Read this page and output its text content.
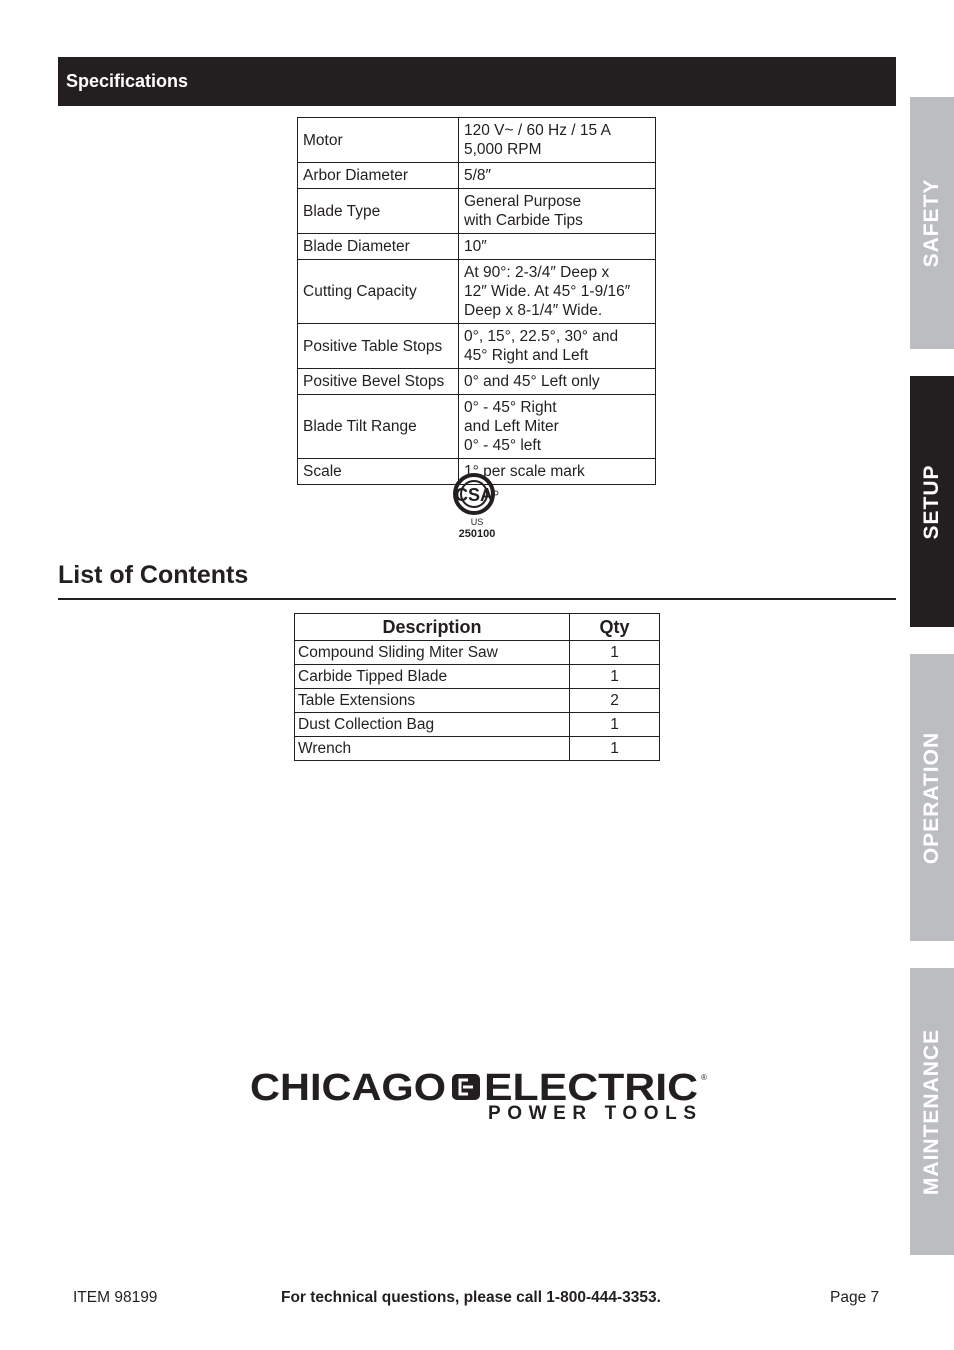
Specifications
Motor	120 V~ / 60 Hz / 15 A
5,000 RPM

Arbor Diameter	5/8″

Blade Type	General Purpose
with Carbide Tips

Blade Diameter	10″

Cutting Capacity	At 90°: 2-3/4″ Deep x
12″ Wide. At 45° 1-9/16″
Deep x 8-1/4″ Wide.

Positive Table Stops	0°, 15°, 22.5°, 30° and
45° Right and Left

Positive Bevel Stops	0° and 45° Left only

Blade Tilt Range	0° - 45° Right
and Left Miter
0° - 45° left

Scale	1° per scale mark
CSA
US
250100
List of Contents
Description	Qty
Compound Sliding Miter Saw	1
Carbide Tipped Blade	1
Table Extensions	2
Dust Collection Bag	1
Wrench	1
CHICAGO ELECTRIC ®
POWER TOOLS
SAFETY
SETUP
OPERATION
MAINTENANCE
ITEM 98199	For technical questions, please call 1-800-444-3353.	Page 7
